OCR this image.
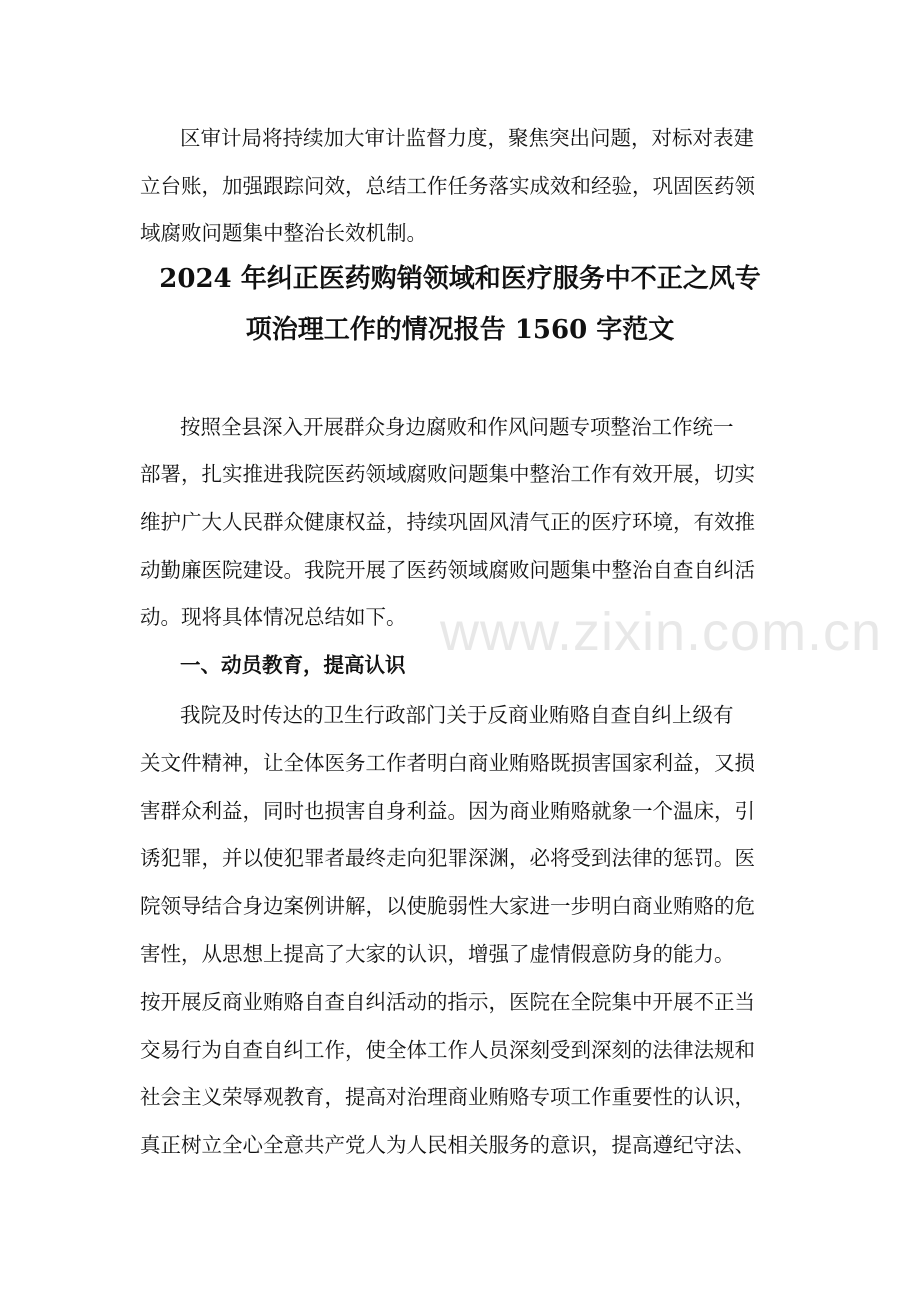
区审计局将持续加大审计监督力度，聚焦突出问题，对标对表建
立台账，加强跟踪问效，总结工作任务落实成效和经验，巩固医药领
域腐败问题集中整治长效机制。
2024 年纠正医药购销领域和医疗服务中不正之风专
项治理工作的情况报告 1560 字范文
按照全县深入开展群众身边腐败和作风问题专项整治工作统一
部署，扎实推进我院医药领域腐败问题集中整治工作有效开展，切实
维护广大人民群众健康权益，持续巩固风清气正的医疗环境，有效推
动勤廉医院建设。我院开展了医药领域腐败问题集中整治自查自纠活
动。现将具体情况总结如下。
一、动员教育，提高认识
我院及时传达的卫生行政部门关于反商业贿赂自查自纠上级有
关文件精神，让全体医务工作者明白商业贿赂既损害国家利益，又损
害群众利益，同时也损害自身利益。因为商业贿赂就象一个温床，引
诱犯罪，并以使犯罪者最终走向犯罪深渊，必将受到法律的惩罚。医
院领导结合身边案例讲解，以使脆弱性大家进一步明白商业贿赂的危
害性，从思想上提高了大家的认识，增强了虚情假意防身的能力。
按开展反商业贿赂自查自纠活动的指示，医院在全院集中开展不正当
交易行为自查自纠工作，使全体工作人员深刻受到深刻的法律法规和
社会主义荣辱观教育，提高对治理商业贿赂专项工作重要性的认识，
真正树立全心全意共产党人为人民相关服务的意识，提高遵纪守法、
www.zixin.com.cn
